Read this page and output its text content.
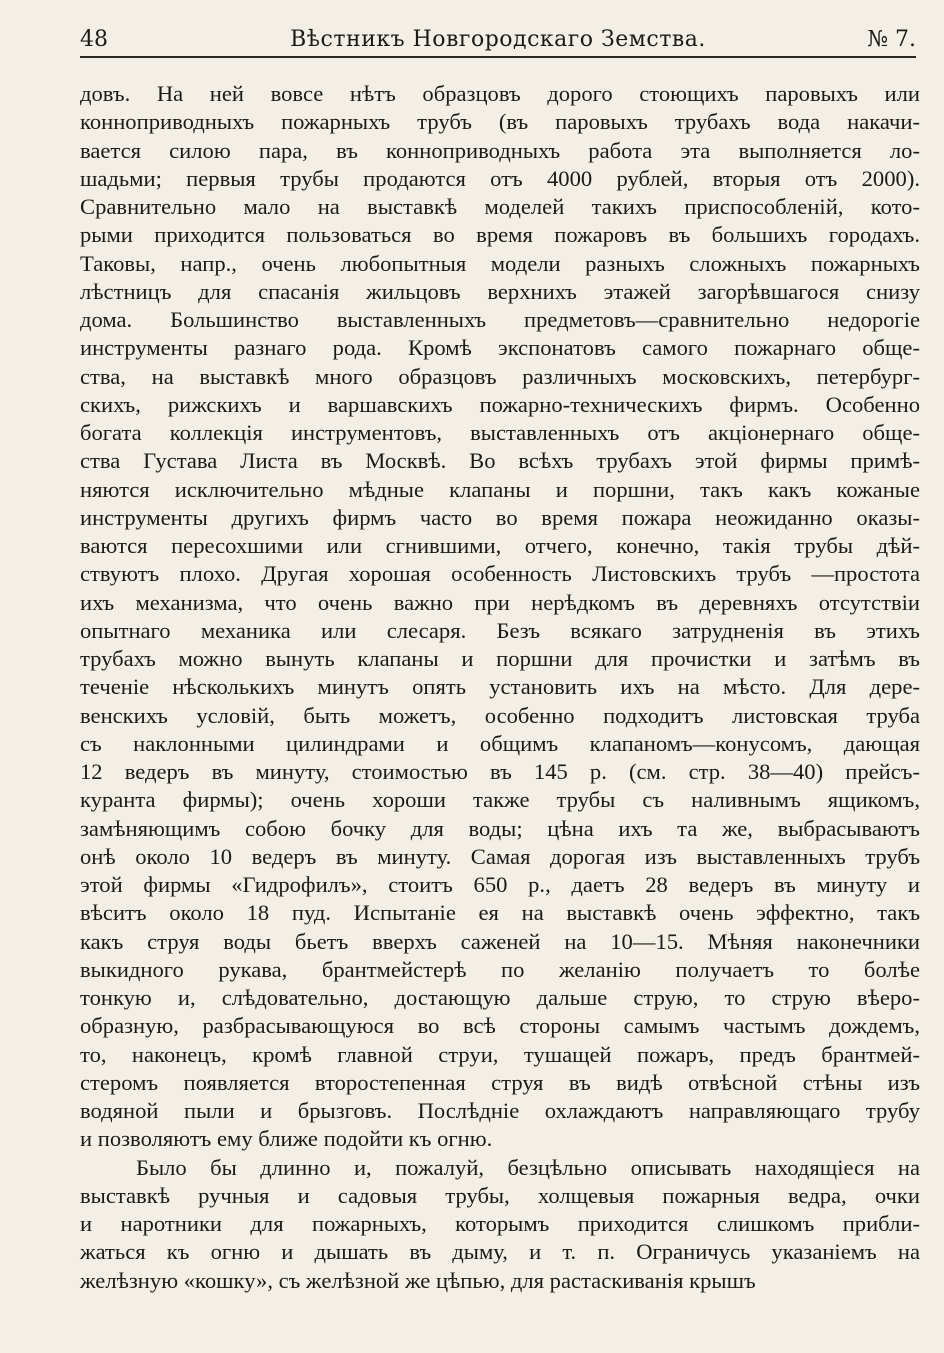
48	Вѣстникъ Новгородскаго Земства.	№ 7.
довъ. На ней вовсе нѣтъ образцовъ дорого стоющихъ паровыхъ или
конноприводныхъ пожарныхъ трубъ (въ паровыхъ трубахъ вода накачи-
вается силою пара, въ конноприводныхъ работа эта выполняется ло-
шадьми; первыя трубы продаются отъ 4000 рублей, вторыя отъ 2000).
Сравнительно мало на выставкѣ моделей такихъ приспособленій, кото-
рыми приходится пользоваться во время пожаровъ въ большихъ городахъ.
Таковы, напр., очень любопытныя модели разныхъ сложныхъ пожарныхъ
лѣстницъ для спасанія жильцовъ верхнихъ этажей загорѣвшагося снизу
дома. Большинство выставленныхъ предметовъ—сравнительно недорогіе
инструменты разнаго рода. Кромѣ экспонатовъ самого пожарнаго обще-
ства, на выставкѣ много образцовъ различныхъ московскихъ, петербург-
скихъ, рижскихъ и варшавскихъ пожарно-техническихъ фирмъ. Особенно
богата коллекція инструментовъ, выставленныхъ отъ акціонернаго обще-
ства Густава Листа въ Москвѣ. Во всѣхъ трубахъ этой фирмы примѣ-
няются исключительно мѣдные клапаны и поршни, такъ какъ кожаные
инструменты другихъ фирмъ часто во время пожара неожиданно оказы-
ваются пересохшими или сгнившими, отчего, конечно, такія трубы дѣй-
ствуютъ плохо. Другая хорошая особенность Листовскихъ трубъ —простота
ихъ механизма, что очень важно при нерѣдкомъ въ деревняхъ отсутствіи
опытнаго механика или слесаря. Безъ всякаго затрудненія въ этихъ
трубахъ можно вынуть клапаны и поршни для прочистки и затѣмъ въ
теченіе нѣсколькихъ минутъ опять установить ихъ на мѣсто. Для дере-
венскихъ условій, быть можетъ, особенно подходитъ листовская труба
съ наклонными цилиндрами и общимъ клапаномъ—конусомъ, дающая
12 ведеръ въ минуту, стоимостью въ 145 р. (см. стр. 38—40) прейсъ-
куранта фирмы); очень хороши также трубы съ наливнымъ ящикомъ,
замѣняющимъ собою бочку для воды; цѣна ихъ та же, выбрасываютъ
онѣ около 10 ведеръ въ минуту. Самая дорогая изъ выставленныхъ трубъ
этой фирмы «Гидрофилъ», стоитъ 650 р., даетъ 28 ведеръ въ минуту и
вѣситъ около 18 пуд. Испытаніе ея на выставкѣ очень эффектно, такъ
какъ струя воды бьетъ вверхъ саженей на 10—15. Мѣняя наконечники
выкидного рукава, брантмейстерѣ по желанію получаетъ то болѣе
тонкую и, слѣдовательно, достающую дальше струю, то струю вѣеро-
образную, разбрасывающуюся во всѣ стороны самымъ частымъ дождемъ,
то, наконецъ, кромѣ главной струи, тушащей пожаръ, предъ брантмей-
стеромъ появляется второстепенная струя въ видѣ отвѣсной стѣны изъ
водяной пыли и брызговъ. Послѣдніе охлаждаютъ направляющаго трубу
и позволяютъ ему ближе подойти къ огню.
Было бы длинно и, пожалуй, безцѣльно описывать находящіеся на
выставкѣ ручныя и садовыя трубы, холщевыя пожарныя ведра, очки
и наротники для пожарныхъ, которымъ приходится слишкомъ прибли-
жаться къ огню и дышать въ дыму, и т. п. Ограничусь указаніемъ на
желѣзную «кошку», съ желѣзной же цѣпью, для растаскиванія крышъ
